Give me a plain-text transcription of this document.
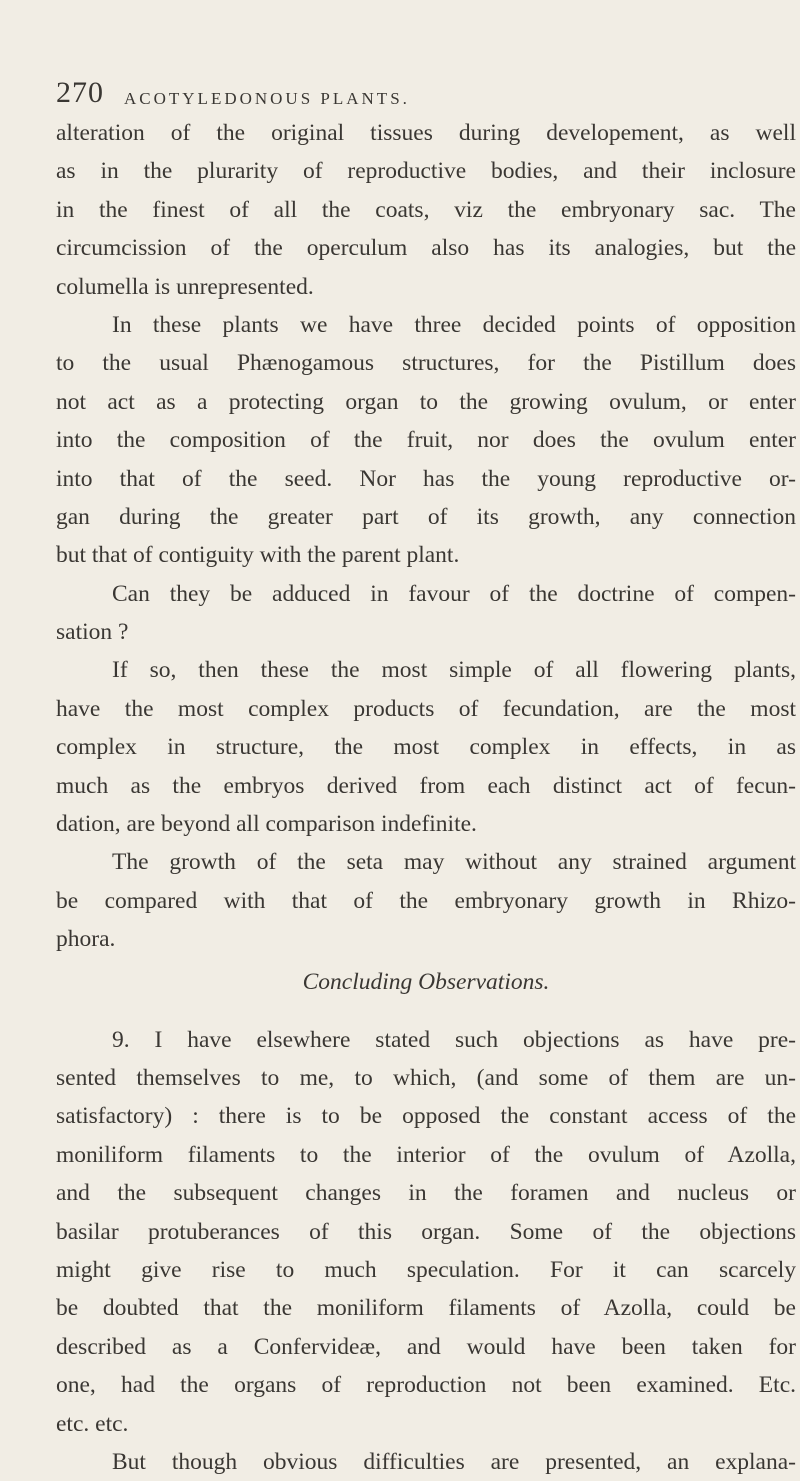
270 ACOTYLEDONOUS PLANTS.
alteration of the original tissues during developement, as well
as in the plurarity of reproductive bodies, and their inclosure
in the finest of all the coats, viz the embryonary sac. The
circumcission of the operculum also has its analogies, but the
columella is unrepresented.
In these plants we have three decided points of opposition
to the usual Phænogamous structures, for the Pistillum does
not act as a protecting organ to the growing ovulum, or enter
into the composition of the fruit, nor does the ovulum enter
into that of the seed. Nor has the young reproductive or-
gan during the greater part of its growth, any connection
but that of contiguity with the parent plant.
Can they be adduced in favour of the doctrine of compen-
sation ?
If so, then these the most simple of all flowering plants,
have the most complex products of fecundation, are the most
complex in structure, the most complex in effects, in as
much as the embryos derived from each distinct act of fecun-
dation, are beyond all comparison indefinite.
The growth of the seta may without any strained argument
be compared with that of the embryonary growth in Rhizo-
phora.
Concluding Observations.
9. I have elsewhere stated such objections as have pre-
sented themselves to me, to which, (and some of them are un-
satisfactory) : there is to be opposed the constant access of the
moniliform filaments to the interior of the ovulum of Azolla,
and the subsequent changes in the foramen and nucleus or
basilar protuberances of this organ. Some of the objections
might give rise to much speculation. For it can scarcely
be doubted that the moniliform filaments of Azolla, could be
described as a Confervideæ, and would have been taken for
one, had the organs of reproduction not been examined. Etc.
etc. etc.
But though obvious difficulties are presented, an explana-
